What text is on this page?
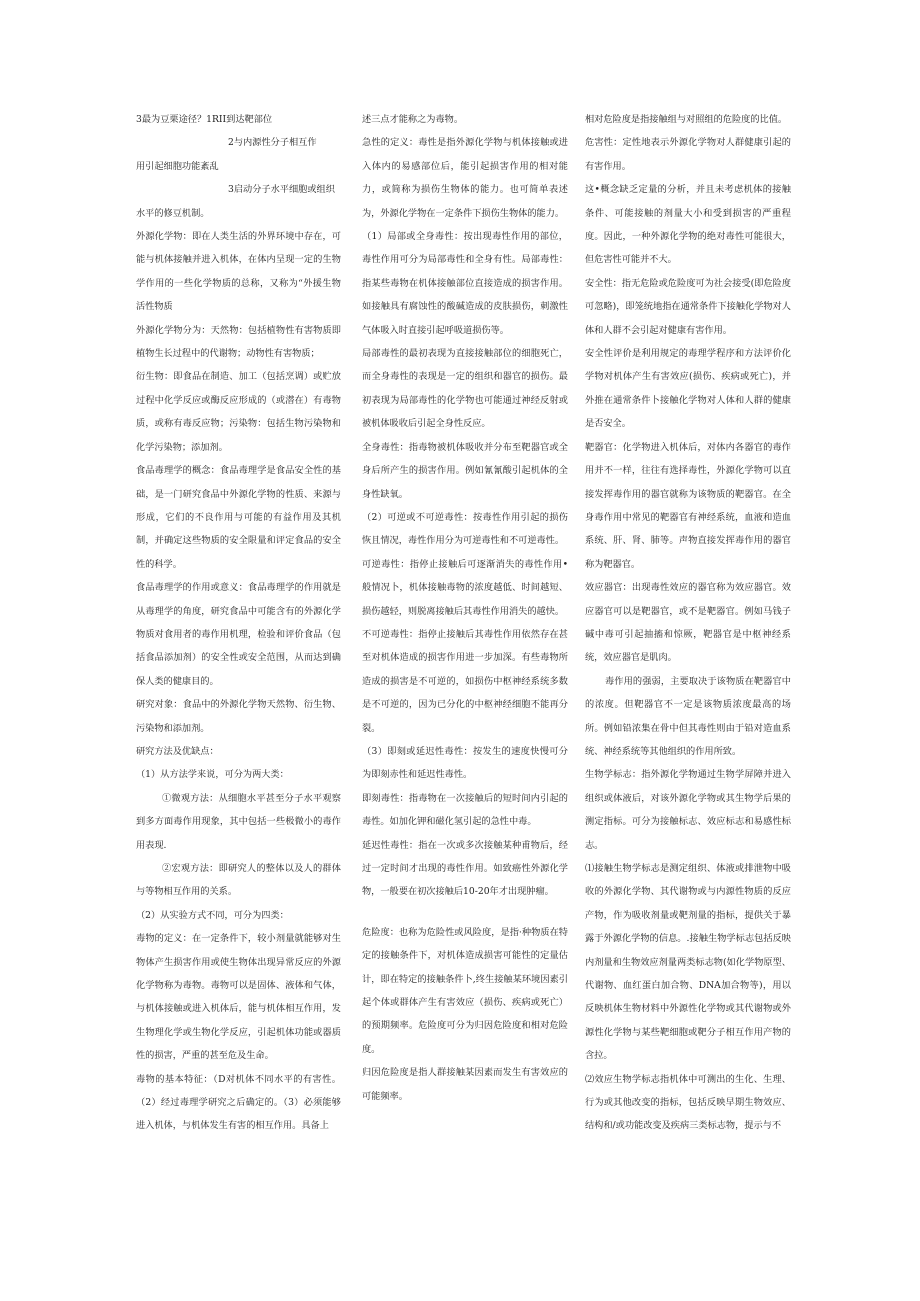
3最为豆栗途径？1RII到达靶部位

2与内源性分子相互作

用引起细胞功能紊乱

3启动分子水平细胞或组织

水平的修豆机制。

外源化学物：即在人类生活的外界环境中存在，可能与机体接触并进入机体，在体内呈现一定的生物学作用的一些化学物质的总称，又称为“外援生物活性物质

外源化学物分为：天然物：包括植物性有害物质即植物生长过程中的代谢物；动物性有害物质；

衍生物：即食品在制造、加工（包括烹调）或贮放过程中化学反应或酶反应形成的（或潜在）有毒物质，或称有毒反应物；污染物：包括生物污染物和化学污染物；添加剂。

食品毒理学的概念：食品毒理学是食品安全性的基础，是一门研究食品中外源化学物的性质、来源与形成，它们的不良作用与可能的有益作用及其机制，并确定这些物质的安全限量和评定食品的安全性的科学。

食品毒理学的作用或意义：食品毒理学的作用就是从毒理学的角度，研究食品中可能含有的外源化学物质对食用者的毒作用机理，检验和评价食品（包括食品添加剂）的安全性或安全范围，从而达到确保人类的健康目的。

研究对象：食品中的外源化学物天然物、衍生物、污染物和添加剂。

研究方法及优缺点：

（1）从方法学来说，可分为两大类：

①微观方法：从细胞水平甚至分子水平观察到多方面毒作用现象，其中包括一些极微小的毒作用表现.

②宏观方法：即研究人的整体以及人的群体与等物相互作用的关系。

（2）从实验方式不同，可分为四类：

毒物的定义：在一定条件下，较小剂量就能够对生物体产生损害作用或使生物体出现异常反应的外源化学物称为毒物。毒物可以是固体、液体和气体，与机体接触或进入机体后，能与机体相互作用，发生物理化学或生物化学反应，引起机体功能或器质性的损害，严重的甚至危及生命。

毒物的基本特征：（D对机体不同水平的有害性。（2）经过毒理学研究之后确定的。（3）必须能够进入机体，与机体发生有害的相互作用。具备上

述三点才能称之为毒物。

急性的定义：毒性是指外源化学物与机体接触或进入体内的易感部位后，能引起损害作用的相对能力，或简称为损伤生物体的能力。也可简单表述为，外源化学物在一定条件下损伤生物体的能力。

（1）局部或全身毒性：按出现毒性作用的部位，毒性作用可分为局部毒性和全身有性。局部毒性：指某些毒物在机体接触部位直接造成的损害作用。如接触具有腐蚀性的酸碱造成的皮肤损伤，刺激性气体吸入时直接引起呼吸道损伤等。

局部毒性的最初表现为直接接触部位的细胞死亡，而全身毒性的表现是一定的组织和器官的损伤。最初表现为局部毒性的化学物也可能通过神经反射或被机体吸收后引起全身性反应。

全身毒性：指毒物被机体吸收并分布至靶器官或全身后所产生的损害作用。例如氰氰酸引起机体的全身性缺氧。

（2）可逆或不可逆毒性：按毒性作用引起的损伤恢且情况，毒性作用分为可逆毒性和不可逆毒性。

可逆毒性：指停止接触后可逐渐消失的毒性作用•般情况卜，机体接触毒物的浓度越低、时间越短、损伤越轻，则脱离接触后其毒性作用消失的越快。

不可逆毒性：指停止接触后其毒性作用依然存在甚至对机体造成的损害作用进一步加深。有些毒物所造成的损害是不可逆的，如损伤中枢神经系统多数是不可逆的，因为已分化的中枢神经细胞不能再分裂。

（3）即刻或延迟性毒性：按发生的速度快慢可分为即刻赤性和延迟性毒性。

即刻毒性：指毒物在一次接触后的短时间内引起的毒性。如加化钾和磁化氢引起的急性中毒。

延迟性毒性：指在一次或多次接触某种甫物后，经过一定时间才出现的毒性作用。如致癌性外源化学物，一般要在初次接触后10-20年才出现肿瘤。

危险度：也称为危险性或风险度，是指·种物质在特定的接触条件下，对机体造成损害可能性的定量估计，即在特定的接触条件卜,终生接触某环境因素引起个体或群体产生有害效应（损伤、疾病或死亡）的预期频率。危险度可分为归因危险度和相对危险度。

归因危险度是指人群接触某因素而发生有害效应的可能频率。

相对危险度是指接触组与对照组的危险度的比值。

危害性：定性地表示外源化学物对人群健康引起的有害作用。

这•概念缺乏定量的分析，并且未考虑机体的接触条件、可能接触的剂量大小和受到损害的严重程度。因此，一种外源化学物的绝对毒性可能很大，但危害性可能并不大。

安全性：指无危险或危险度可为社会接受(即危险度可忽略)，即笼统地指在通常条件下接触化学物对人体和人群不会引起对健康有害作用。

安全性评价是利用规定的毒理学程序和方法评价化学物对机体产生有害效应(损伤、疾病或死亡)，并外推在通常条件卜接触化学物对人体和人群的健康是否安全。

靶器官：化学物进入机体后，对体内各器官的毒作用并不一样，往往有选择毒性，外源化学物可以直接发挥毒作用的器官就称为该物质的靶器官。在全身毒作用中常见的靶器官有神经系统，血液和造血系统、肝、肾、肺等。声物直接发挥毒作用的器官称为靶器官。

效应器官：出现毒性效应的器官称为效应器官。效应器官可以是靶器官，或不是靶器官。例如马钱子碱中毒可引起抽搐和惊厥，靶器官是中枢神经系统，效应器官是肌肉。

毒作用的强弱，主要取决于该物质在靶器官中的浓度。但靶器官不一定是该物质浓度最高的场所。例如铅浓集在骨中但其毒性则由于铅对造血系统、神经系统等其他组织的作用所致。

生物学标志：指外源化学物通过生物学屏障并进入组织或体液后，对该外源化学物或其生物学后果的测定指标。可分为接触标志、效应标志和易感性标志。

⑴接触生物学标志是测定组织、体液或排泄物中吸收的外源化学物、其代谢物或与内源性物质的反应产物，作为吸收剂量或靶剂量的指标，提供关于暴露于外源化学物的信息。.接触生物学标志包括反映内剂量和生物效应剂量两类标志物(如化学物原型、代谢物、血红蛋白加合物、DNA加合物等)，用以反映机体生物材料中外源性化学物或其代谢物或外源性化学物与某些靶细胞或靶分子相互作用产物的含拉。

⑵效应生物学标志指机体中可测出的生化、生理、行为或其他改变的指标，包括反映早期生物效应、结构和/或功能改变及疾病三类标志物，提示与不
